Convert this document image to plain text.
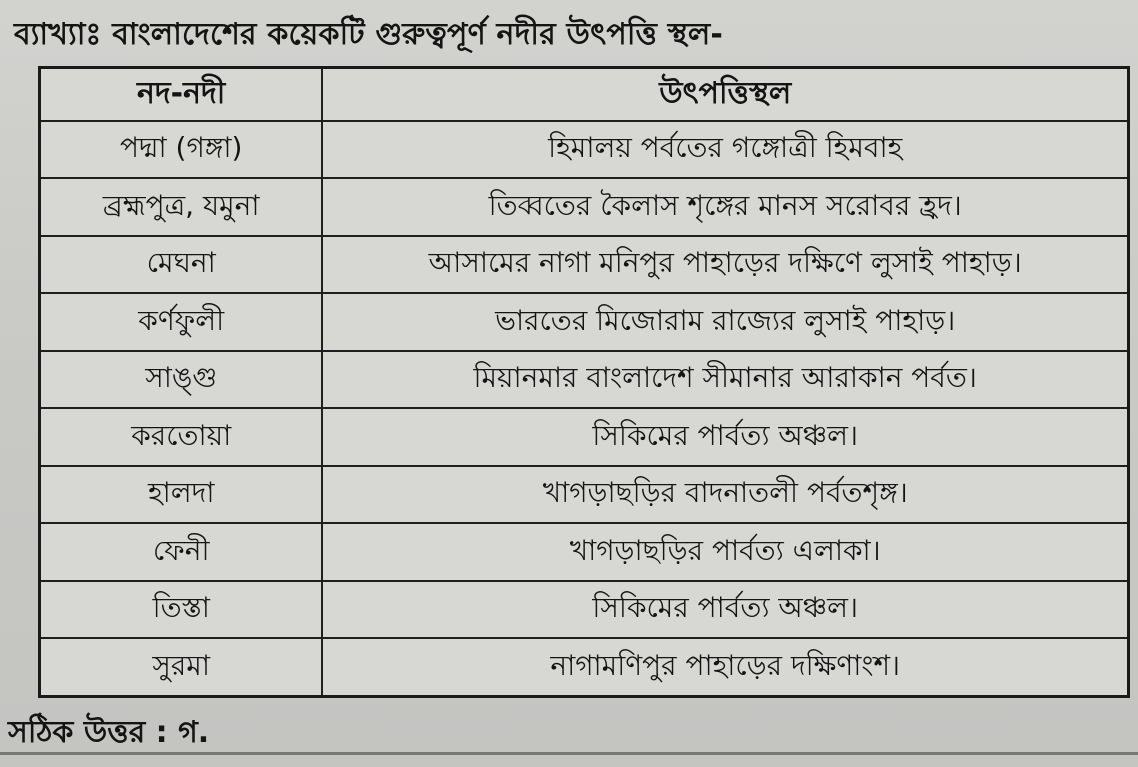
ব্যাখ্যাঃ বাংলাদেশের কয়েকটি গুরুত্বপূর্ণ নদীর উৎপত্তি স্থল-
নদ-নদী	উৎপত্তিস্থল
পদ্মা (গঙ্গা)	হিমালয় পর্বতের গঙ্গোত্রী হিমবাহ
ব্রহ্মপুত্র, যমুনা	তিব্বতের কৈলাস শৃঙ্গের মানস সরোবর হ্রদ।
মেঘনা	আসামের নাগা মনিপুর পাহাড়ের দক্ষিণে লুসাই পাহাড়।
কর্ণফুলী	ভারতের মিজোরাম রাজ্যের লুসাই পাহাড়।
সাঙ্গু	মিয়ানমার বাংলাদেশ সীমানার আরাকান পর্বত।
করতোয়া	সিকিমের পার্বত্য অঞ্চল।
হালদা	খাগড়াছড়ির বাদনাতলী পর্বতশৃঙ্গ।
ফেনী	খাগড়াছড়ির পার্বত্য এলাকা।
তিস্তা	সিকিমের পার্বত্য অঞ্চল।
সুরমা	নাগামণিপুর পাহাড়ের দক্ষিণাংশ।
সঠিক উত্তর : গ.
